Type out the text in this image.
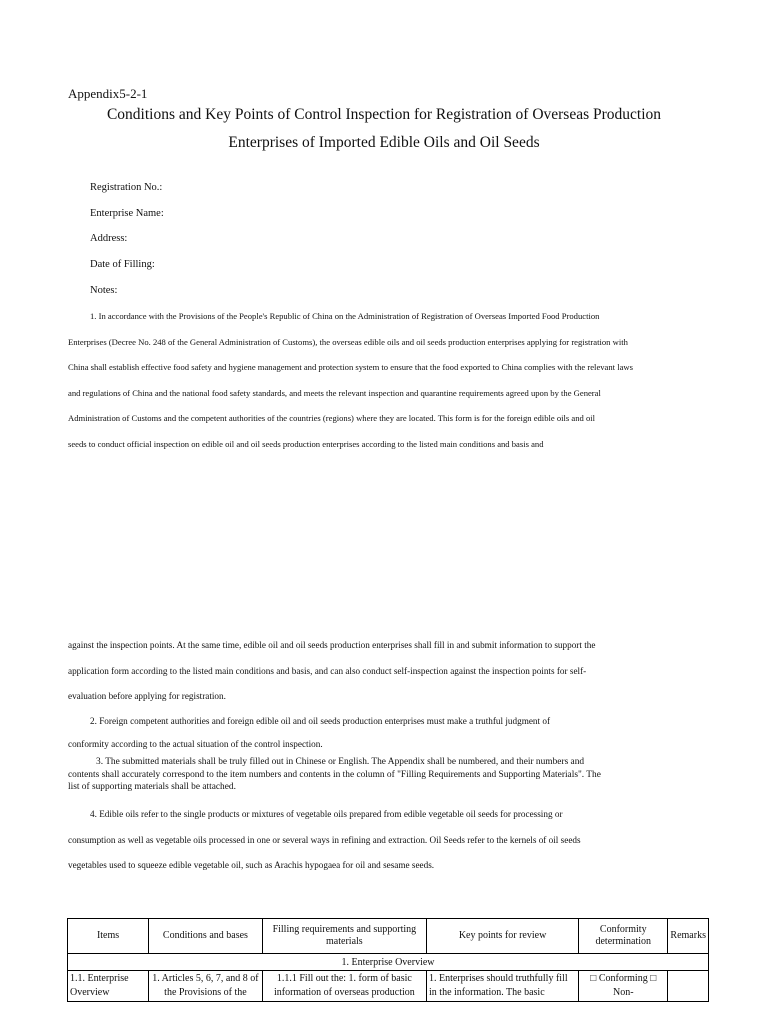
Appendix5-2-1
Conditions and Key Points of Control Inspection for Registration of Overseas Production
Enterprises of Imported Edible Oils and Oil Seeds
Registration No.:
Enterprise Name:
Address:
Date of Filling:
Notes:
1. In accordance with the Provisions of the People's Republic of China on the Administration of Registration of Overseas Imported Food Production
Enterprises (Decree No. 248 of the General Administration of Customs), the overseas edible oils and oil seeds production enterprises applying for registration with
China shall establish effective food safety and hygiene management and protection system to ensure that the food exported to China complies with the relevant laws
and regulations of China and the national food safety standards, and meets the relevant inspection and quarantine requirements agreed upon by the General
Administration of Customs and the competent authorities of the countries (regions) where they are located. This form is for the foreign edible oils and oil
seeds to conduct official inspection on edible oil and oil seeds production enterprises according to the listed main conditions and basis and
against the inspection points. At the same time, edible oil and oil seeds production enterprises shall fill in and submit information to support the
application form according to the listed main conditions and basis, and can also conduct self-inspection against the inspection points for self-
evaluation before applying for registration.
2. Foreign competent authorities and foreign edible oil and oil seeds production enterprises must make a truthful judgment of
conformity according to the actual situation of the control inspection.
3. The submitted materials shall be truly filled out in Chinese or English. The Appendix shall be numbered, and their numbers and
contents shall accurately correspond to the item numbers and contents in the column of "Filling Requirements and Supporting Materials". The
list of supporting materials shall be attached.
4. Edible oils refer to the single products or mixtures of vegetable oils prepared from edible vegetable oil seeds for processing or
consumption as well as vegetable oils processed in one or several ways in refining and extraction. Oil Seeds refer to the kernels of oil seeds
vegetables used to squeeze edible vegetable oil, such as Arachis hypogaea for oil and sesame seeds.
Items	Conditions and bases	Filling requirements and supporting materials	Key points for review	Conformity determination	Remarks
1. Enterprise Overview					
1.1. Enterprise Overview	1. Articles 5, 6, 7, and 8 of the Provisions of the	1.1.1 Fill out the: 1. form of basic information of overseas production	1. Enterprises should truthfully fill in the information. The basic	□ Conforming □ Non-	
